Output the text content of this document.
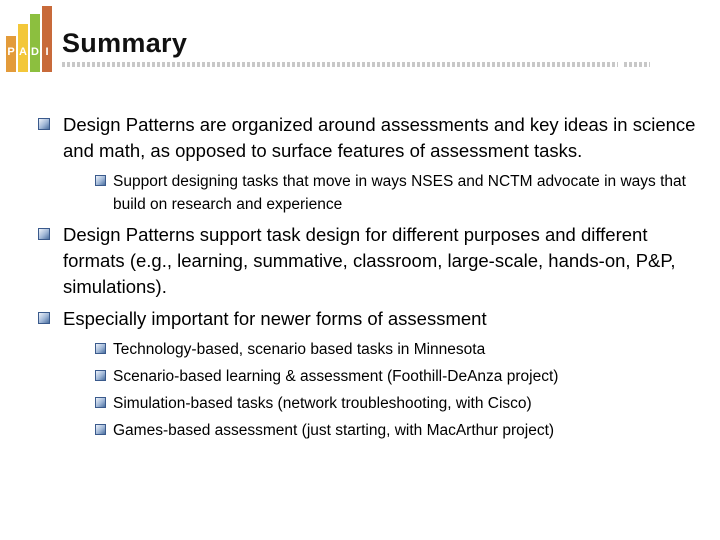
P A D I Summary
Design Patterns are organized around assessments and key ideas in science and math, as opposed to surface features of assessment tasks.
Support designing tasks that move in ways NSES and NCTM advocate in ways that build on research and experience
Design Patterns support task design for different purposes and different formats (e.g., learning, summative, classroom, large-scale, hands-on, P&P, simulations).
Especially important for newer forms of assessment
Technology-based, scenario based tasks in Minnesota
Scenario-based learning & assessment (Foothill-DeAnza project)
Simulation-based tasks (network troubleshooting, with Cisco)
Games-based assessment (just starting, with MacArthur project)
